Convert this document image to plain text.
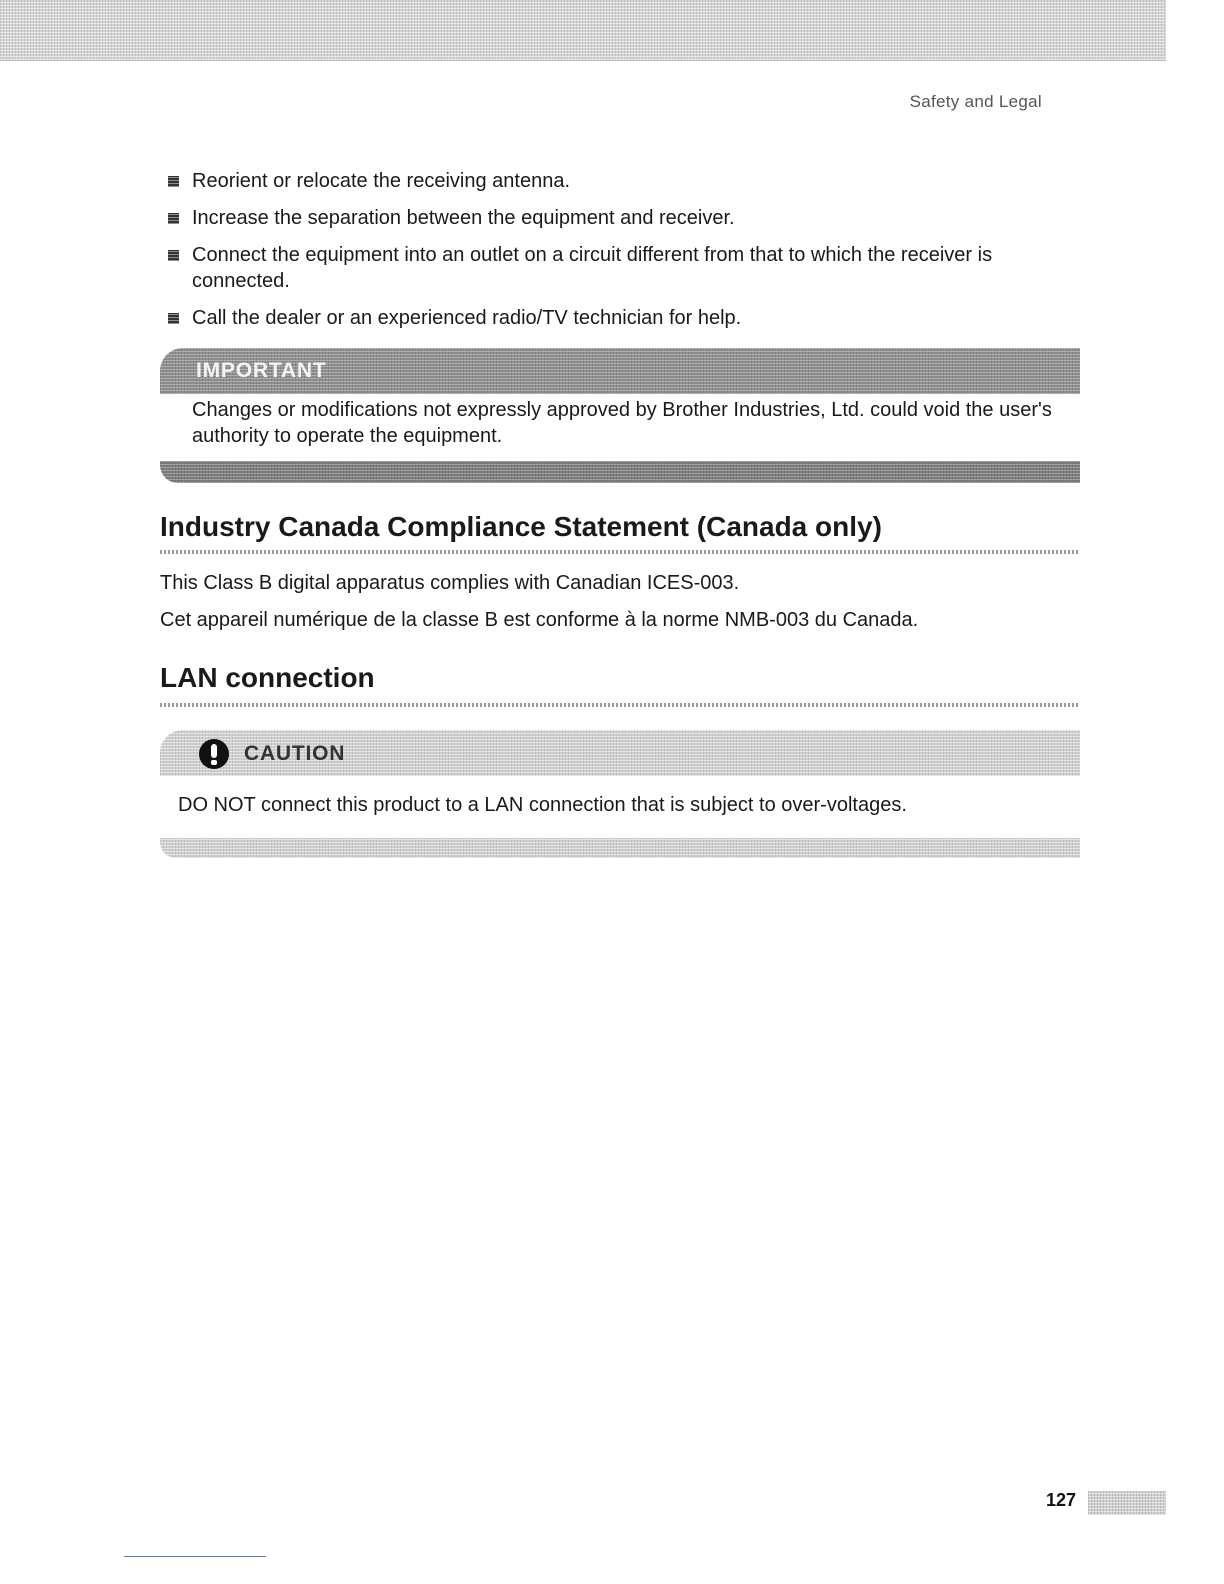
Safety and Legal
Reorient or relocate the receiving antenna.
Increase the separation between the equipment and receiver.
Connect the equipment into an outlet on a circuit different from that to which the receiver is connected.
Call the dealer or an experienced radio/TV technician for help.
IMPORTANT

Changes or modifications not expressly approved by Brother Industries, Ltd. could void the user's authority to operate the equipment.

Industry Canada Compliance Statement (Canada only)

This Class B digital apparatus complies with Canadian ICES-003.

Cet appareil numérique de la classe B est conforme à la norme NMB-003 du Canada.

LAN connection
CAUTION

DO NOT connect this product to a LAN connection that is subject to over-voltages.

127
